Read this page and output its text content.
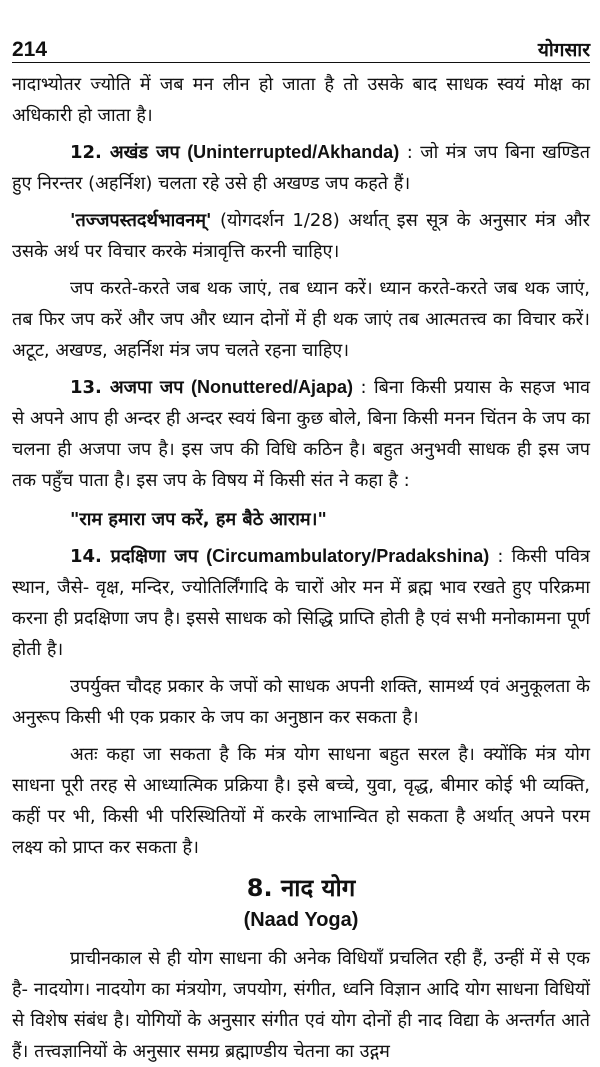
214	योगसार

नादाभ्योतर ज्योति में जब मन लीन हो जाता है तो उसके बाद साधक स्वयं मोक्ष का अधिकारी हो जाता है।

12. अखंड जप (Uninterrupted/Akhanda) : जो मंत्र जप बिना खण्डित हुए निरन्तर (अहर्निश) चलता रहे उसे ही अखण्ड जप कहते हैं।

'तज्जपस्तदर्थभावनम्' (योगदर्शन 1/28) अर्थात् इस सूत्र के अनुसार मंत्र और उसके अर्थ पर विचार करके मंत्रावृत्ति करनी चाहिए।

जप करते-करते जब थक जाएं, तब ध्यान करें। ध्यान करते-करते जब थक जाएं, तब फिर जप करें और जप और ध्यान दोनों में ही थक जाएं तब आत्मतत्त्व का विचार करें। अटूट, अखण्ड, अहर्निश मंत्र जप चलते रहना चाहिए।

13. अजपा जप (Nonuttered/Ajapa) : बिना किसी प्रयास के सहज भाव से अपने आप ही अन्दर ही अन्दर स्वयं बिना कुछ बोले, बिना किसी मनन चिंतन के जप का चलना ही अजपा जप है। इस जप की विधि कठिन है। बहुत अनुभवी साधक ही इस जप तक पहुँच पाता है। इस जप के विषय में किसी संत ने कहा है :

"राम हमारा जप करें, हम बैठे आराम।"

14. प्रदक्षिणा जप (Circumambulatory/Pradakshina) : किसी पवित्र स्थान, जैसे- वृक्ष, मन्दिर, ज्योतिर्लिंगादि के चारों ओर मन में ब्रह्म भाव रखते हुए परिक्रमा करना ही प्रदक्षिणा जप है। इससे साधक को सिद्धि प्राप्ति होती है एवं सभी मनोकामना पूर्ण होती है।

उपर्युक्त चौदह प्रकार के जपों को साधक अपनी शक्ति, सामर्थ्य एवं अनुकूलता के अनुरूप किसी भी एक प्रकार के जप का अनुष्ठान कर सकता है।

अतः कहा जा सकता है कि मंत्र योग साधना बहुत सरल है। क्योंकि मंत्र योग साधना पूरी तरह से आध्यात्मिक प्रक्रिया है। इसे बच्चे, युवा, वृद्ध, बीमार कोई भी व्यक्ति, कहीं पर भी, किसी भी परिस्थितियों में करके लाभान्वित हो सकता है अर्थात् अपने परम लक्ष्य को प्राप्त कर सकता है।

8. नाद योग
(Naad Yoga)

प्राचीनकाल से ही योग साधना की अनेक विधियाँ प्रचलित रही हैं, उन्हीं में से एक है- नादयोग। नादयोग का मंत्रयोग, जपयोग, संगीत, ध्वनि विज्ञान आदि योग साधना विधियों से विशेष संबंध है। योगियों के अनुसार संगीत एवं योग दोनों ही नाद विद्या के अन्तर्गत आते हैं। तत्त्वज्ञानियों के अनुसार समग्र ब्रह्माण्डीय चेतना का उद्गम
